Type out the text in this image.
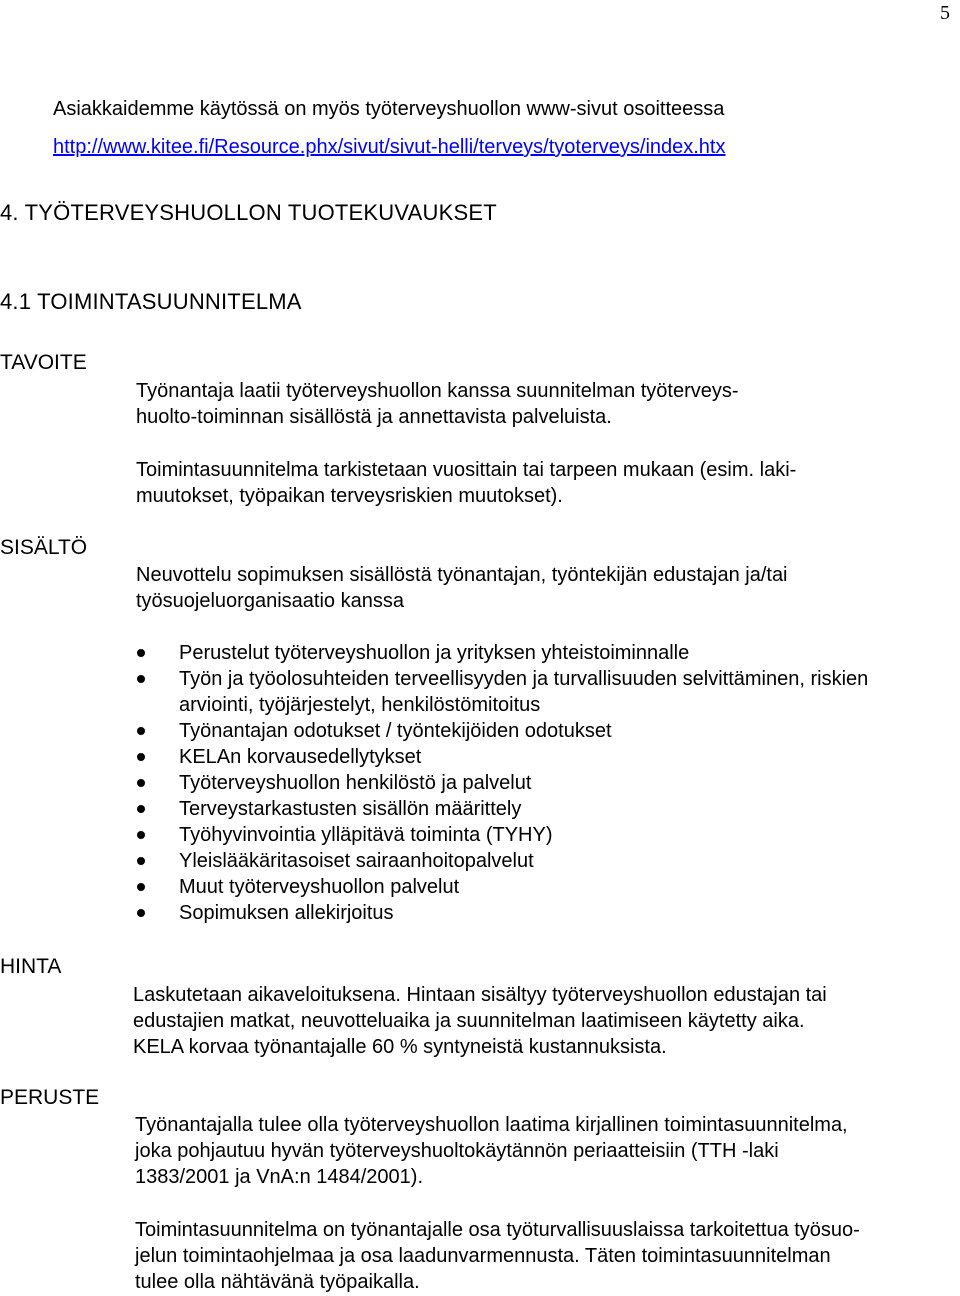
5
Asiakkaidemme käytössä on myös työterveyshuollon www-sivut osoitteessa
http://www.kitee.fi/Resource.phx/sivut/sivut-helli/terveys/tyoterveys/index.htx
4. TYÖTERVEYSHUOLLON TUOTEKUVAUKSET
4.1 TOIMINTASUUNNITELMA
TAVOITE
Työnantaja laatii työterveyshuollon kanssa suunnitelman työterveys-
huolto-toiminnan sisällöstä ja annettavista palveluista.
Toimintasuunnitelma tarkistetaan vuosittain tai tarpeen mukaan (esim. laki-
muutokset, työpaikan terveysriskien muutokset).
SISÄLTÖ
Neuvottelu sopimuksen sisällöstä työnantajan, työntekijän edustajan ja/tai
työsuojeluorganisaatio kanssa
Perustelut työterveyshuollon ja yrityksen yhteistoiminnalle
Työn ja työolosuhteiden terveellisyyden ja turvallisuuden selvittäminen, riskien
arviointi, työjärjestelyt, henkilöstömitoitus
Työnantajan odotukset / työntekijöiden odotukset
KELAn korvausedellytykset
Työterveyshuollon henkilöstö ja palvelut
Terveystarkastusten sisällön määrittely
Työhyvinvointia ylläpitävä toiminta (TYHY)
Yleislääkäritasoiset sairaanhoitopalvelut
Muut työterveyshuollon palvelut
Sopimuksen allekirjoitus
HINTA
Laskutetaan aikaveloituksena. Hintaan sisältyy työterveyshuollon edustajan tai
edustajien matkat, neuvotteluaika ja suunnitelman laatimiseen käytetty aika.
KELA korvaa työnantajalle 60 % syntyneistä kustannuksista.
PERUSTE
Työnantajalla tulee olla työterveyshuollon laatima kirjallinen toimintasuunnitelma,
joka pohjautuu hyvän työterveyshuoltokäytännön periaatteisiin (TTH -laki
1383/2001 ja VnA:n 1484/2001).
Toimintasuunnitelma on työnantajalle osa työturvallisuuslaissa tarkoitettua työsuo-
jelun toimintaohjelmaa ja osa laadunvarmennusta. Täten toimintasuunnitelman
tulee olla nähtävänä työpaikalla.
